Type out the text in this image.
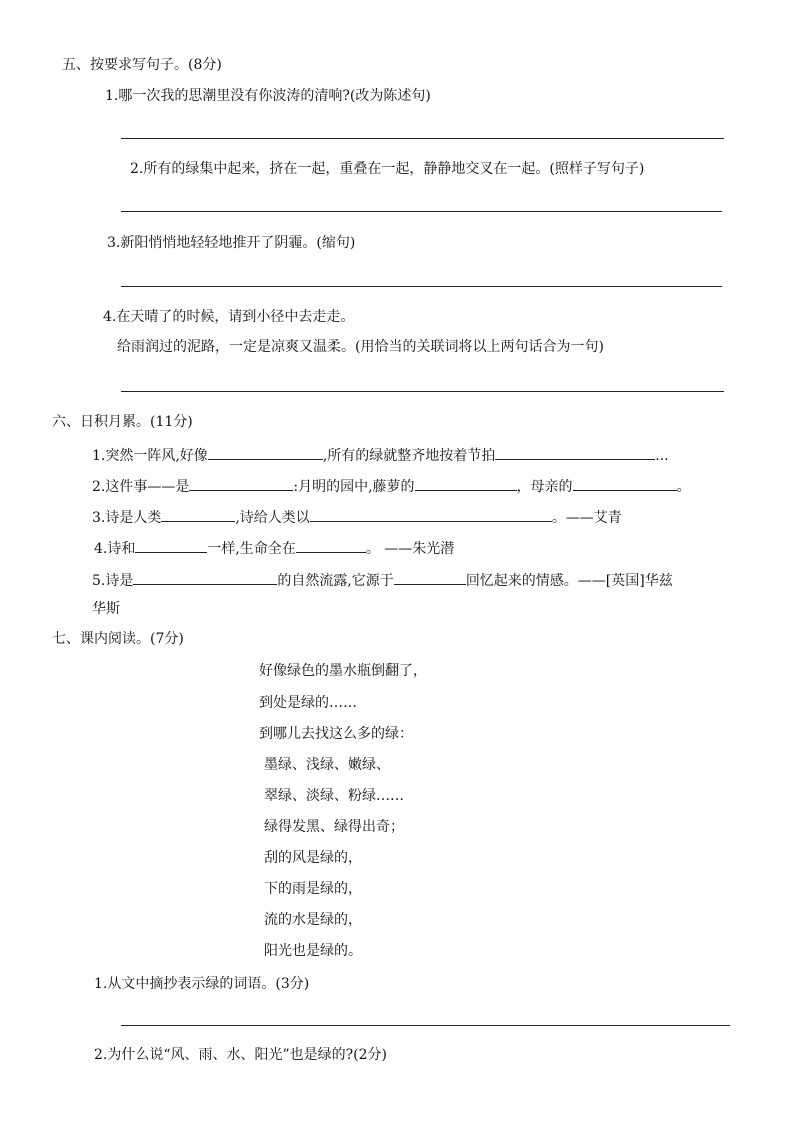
五、按要求写句子。(8分)
1.哪一次我的思潮里没有你波涛的清响?(改为陈述句)
2.所有的绿集中起来，挤在一起，重叠在一起，静静地交叉在一起。(照样子写句子)
3.新阳悄悄地轻轻地推开了阴霾。(缩句)
4.在天晴了的时候，请到小径中去走走。
给雨润过的泥路，一定是凉爽又温柔。(用恰当的关联词将以上两句话合为一句)
六、日积月累。(11分)
1.突然一阵风,好像	,所有的绿就整齐地按着节拍	...
2.这件事——是	:月明的园中,藤萝的	，母亲的	。
3.诗是人类	,诗给人类以	。——艾青
4.诗和	一样,生命全在	。 ——朱光潜
5.诗是	的自然流露,它源于	回忆起来的情感。——[英国]华兹
华斯
七、课内阅读。(7分)
好像绿色的墨水瓶倒翻了，
到处是绿的……
到哪儿去找这么多的绿：
墨绿、浅绿、嫩绿、
翠绿、淡绿、粉绿……
绿得发黑、绿得出奇；
刮的风是绿的，
下的雨是绿的，
流的水是绿的，
阳光也是绿的。
1.从文中摘抄表示绿的词语。(3分)
2.为什么说“风、雨、水、阳光”也是绿的?(2分)
